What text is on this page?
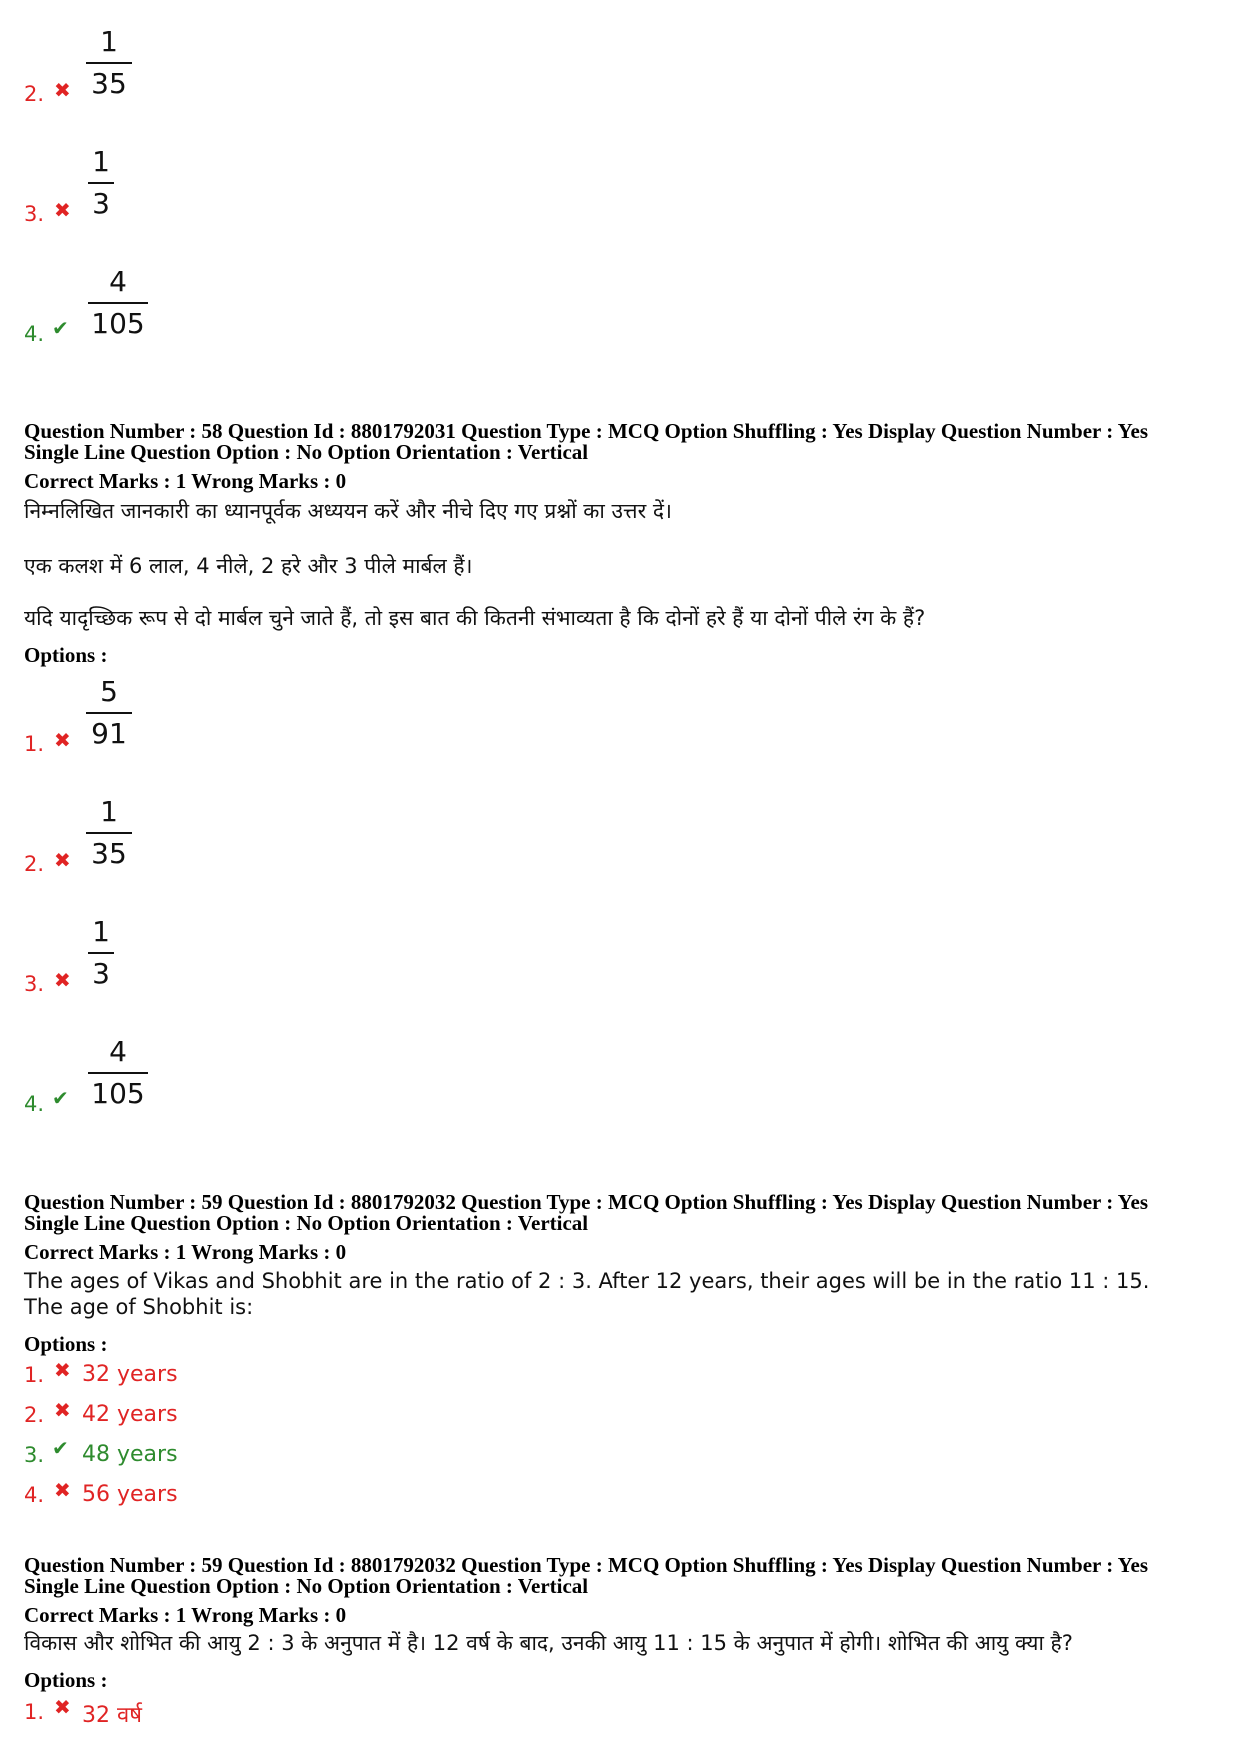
2. ✖
1
35
3. ✖
1
3
4. ✔
4
105
Question Number : 58 Question Id : 8801792031 Question Type : MCQ Option Shuffling : Yes Display Question Number : Yes
Single Line Question Option : No Option Orientation : Vertical
Correct Marks : 1 Wrong Marks : 0
निम्नलिखित जानकारी का ध्यानपूर्वक अध्ययन करें और नीचे दिए गए प्रश्नों का उत्तर दें।
एक कलश में 6 लाल, 4 नीले, 2 हरे और 3 पीले मार्बल हैं।
यदि यादृच्छिक रूप से दो मार्बल चुने जाते हैं, तो इस बात की कितनी संभाव्यता है कि दोनों हरे हैं या दोनों पीले रंग के हैं?
Options :
1. ✖
5
91
2. ✖
1
35
3. ✖
1
3
4. ✔
4
105
Question Number : 59 Question Id : 8801792032 Question Type : MCQ Option Shuffling : Yes Display Question Number : Yes
Single Line Question Option : No Option Orientation : Vertical
Correct Marks : 1 Wrong Marks : 0
The ages of Vikas and Shobhit are in the ratio of 2 : 3. After 12 years, their ages will be in the ratio 11 : 15.
The age of Shobhit is:
Options :
1. ✖ 32 years
2. ✖ 42 years
3. ✔ 48 years
4. ✖ 56 years
Question Number : 59 Question Id : 8801792032 Question Type : MCQ Option Shuffling : Yes Display Question Number : Yes
Single Line Question Option : No Option Orientation : Vertical
Correct Marks : 1 Wrong Marks : 0
विकास और शोभित की आयु 2 : 3 के अनुपात में है। 12 वर्ष के बाद, उनकी आयु 11 : 15 के अनुपात में होगी। शोभित की आयु क्या है?
Options :
1. ✖ 32 वर्ष
